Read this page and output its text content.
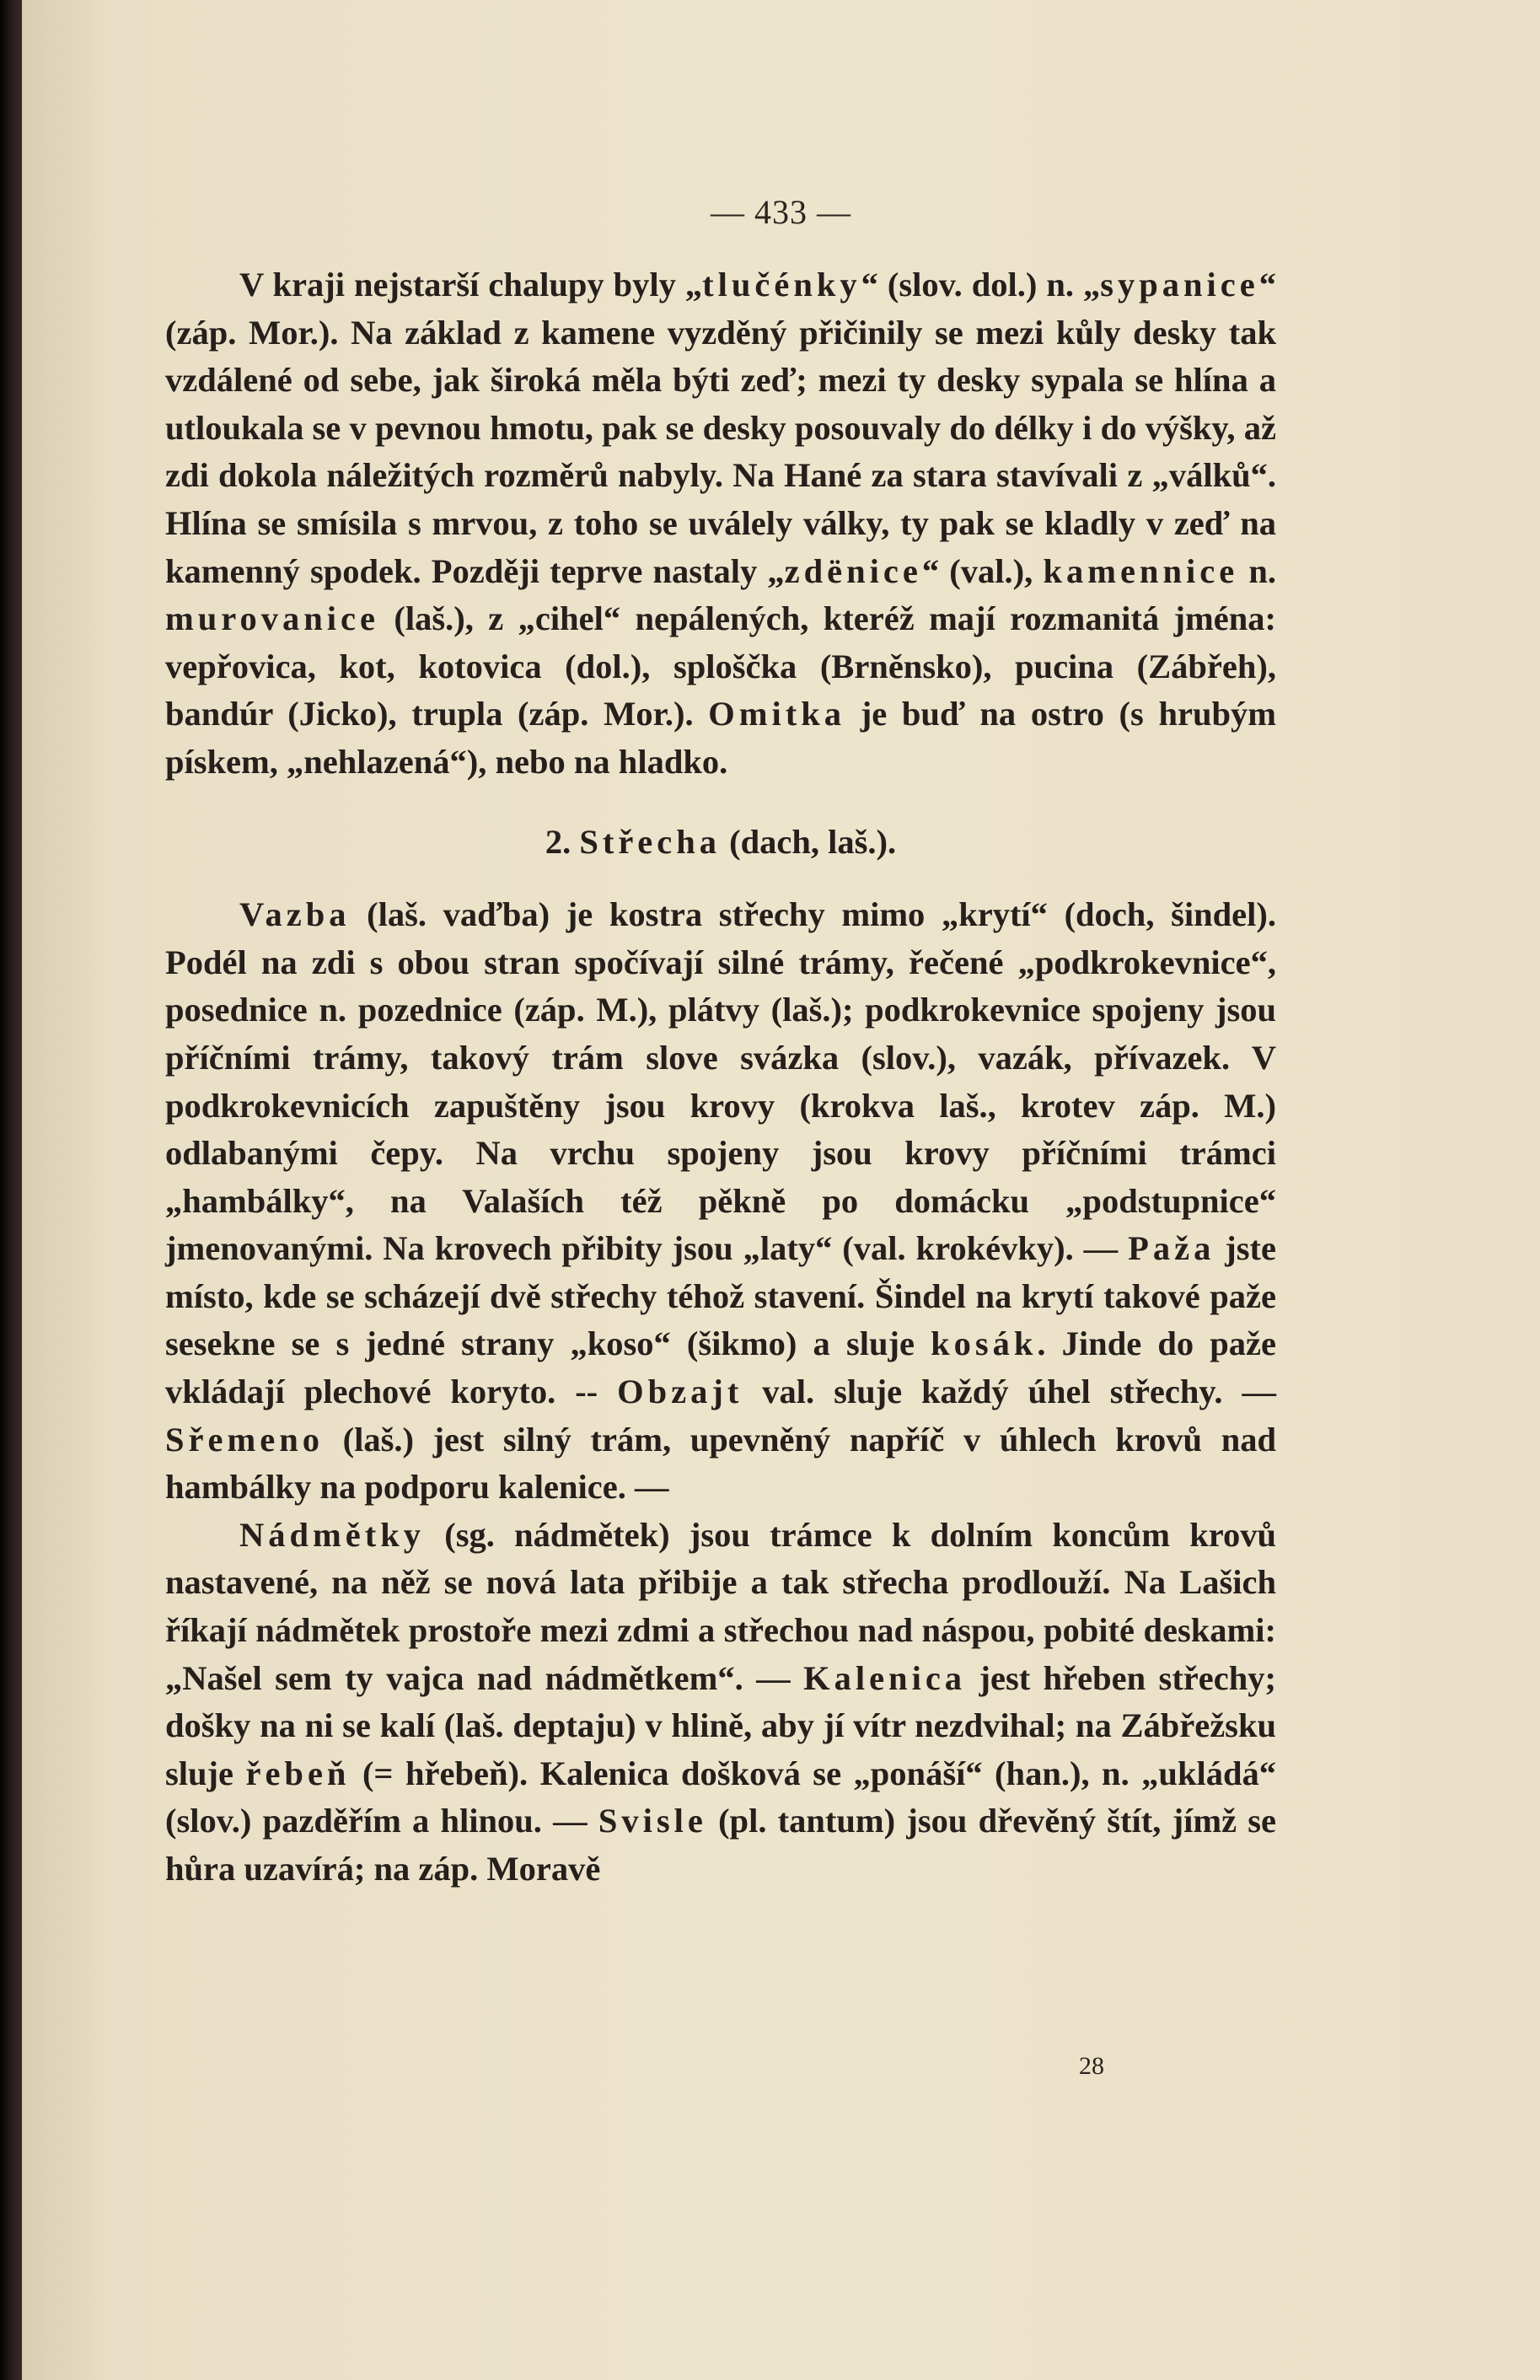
— 433 —

V kraji nejstarší chalupy byly „tlučénky“ (slov. dol.) n. „sypanice“ (záp. Mor.). Na základ z kamene vyzděný přičinily se mezi kůly desky tak vzdálené od sebe, jak široká měla býti zeď; mezi ty desky sypala se hlína a utloukala se v pevnou hmotu, pak se desky posouvaly do délky i do výšky, až zdi dokola náležitých rozměrů nabyly. Na Hané za stara stavívali z „válků“. Hlína se smísila s mrvou, z toho se uválely války, ty pak se kladly v zeď na kamenný spodek. Později teprve nastaly „zdënice“ (val.), kamennice n. murovanice (laš.), z „cihel“ nepálených, kteréž mají rozmanitá jména: vepřovica, kot, kotovica (dol.), sploščka (Brněnsko), pucina (Zábřeh), bandúr (Jicko), trupla (záp. Mor.). Omitka je buď na ostro (s hrubým pískem, „nehlazená“), nebo na hladko.

2. Střecha (dach, laš.).

Vazba (laš. vaďba) je kostra střechy mimo „krytí“ (doch, šindel). Podél na zdi s obou stran spočívají silné trámy, řečené „podkrokevnice“, posednice n. pozednice (záp. M.), plátvy (laš.); podkrokevnice spojeny jsou příčními trámy, takový trám slove svázka (slov.), vazák, přívazek. V podkrokevnicích zapuštěny jsou krovy (krokva laš., krotev záp. M.) odlabanými čepy. Na vrchu spojeny jsou krovy příčními trámci „hambálky“, na Valaších též pěkně po domácku „podstupnice“ jmenovanými. Na krovech přibity jsou „laty“ (val. krokévky). — Paža jste místo, kde se scházejí dvě střechy téhož stavení. Šindel na krytí takové paže sesekne se s jedné strany „koso“ (šikmo) a sluje kosák. Jinde do paže vkládají plechové koryto. -- Obzajt val. sluje každý úhel střechy. — Sřemeno (laš.) jest silný trám, upevněný napříč v úhlech krovů nad hambálky na podporu kalenice. —

Nádmětky (sg. nádmětek) jsou trámce k dolním koncům krovů nastavené, na něž se nová lata přibije a tak střecha prodlouží. Na Lašich říkají nádmětek prostoře mezi zdmi a střechou nad náspou, pobité deskami: „Našel sem ty vajca nad nádmětkem“. — Kalenica jest hřeben střechy; došky na ni se kalí (laš. deptaju) v hlině, aby jí vítr nezdvihal; na Zábřežsku sluje řebeň (= hřebeň). Kalenica došková se „ponáší“ (han.), n. „ukládá“ (slov.) pazděřím a hlinou. — Svisle (pl. tantum) jsou dřevěný štít, jímž se hůra uzavírá; na záp. Moravě

28
